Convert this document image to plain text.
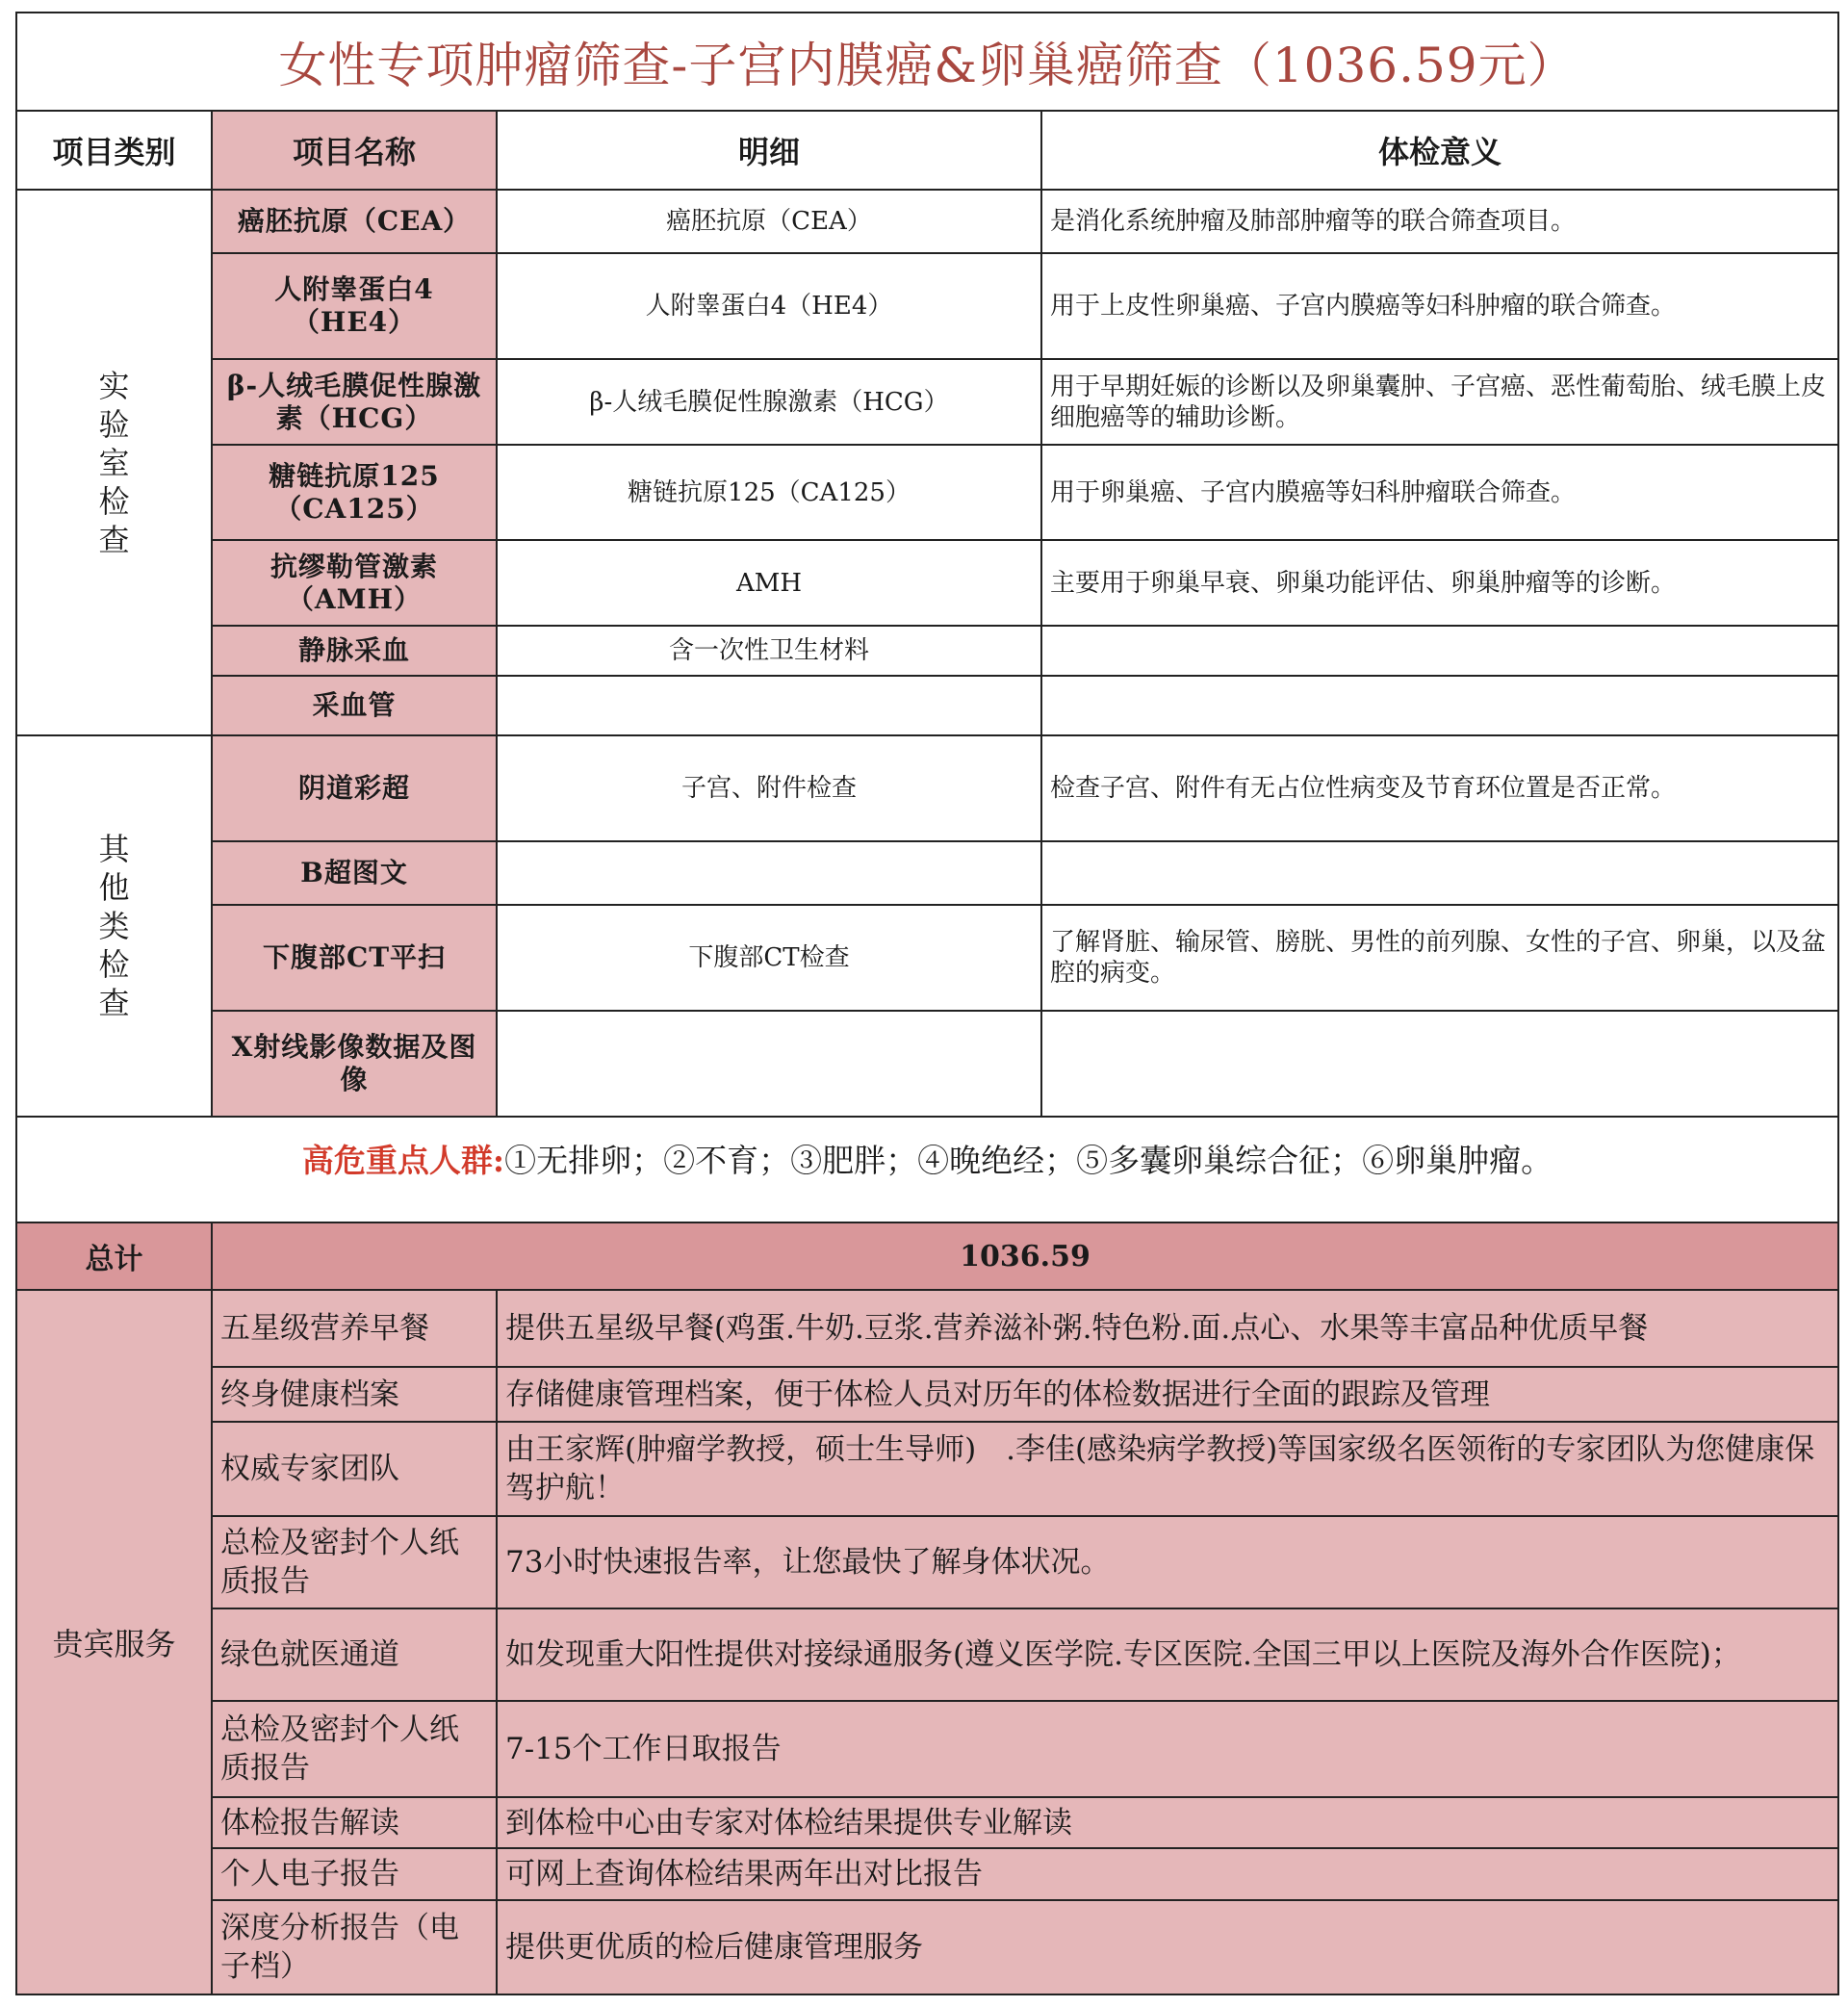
女性专项肿瘤筛查-子宫内膜癌&卵巢癌筛查（1036.59元）			
项目类别	项目名称	明细	体检意义
实验室检查	癌胚抗原（CEA）	癌胚抗原（CEA）	是消化系统肿瘤及肺部肿瘤等的联合筛查项目。
	人附睾蛋白4（HE4）	人附睾蛋白4（HE4）	用于上皮性卵巢癌、子宫内膜癌等妇科肿瘤的联合筛查。
	β-人绒毛膜促性腺激素（HCG）	β-人绒毛膜促性腺激素（HCG）	用于早期妊娠的诊断以及卵巢囊肿、子宫癌、恶性葡萄胎、绒毛膜上皮细胞癌等的辅助诊断。
	糖链抗原125（CA125）	糖链抗原125（CA125）	用于卵巢癌、子宫内膜癌等妇科肿瘤联合筛查。
	抗缪勒管激素（AMH）	AMH	主要用于卵巢早衰、卵巢功能评估、卵巢肿瘤等的诊断。
	静脉采血	含一次性卫生材料	
	采血管		
其他类检查	阴道彩超	子宫、附件检查	检查子宫、附件有无占位性病变及节育环位置是否正常。
	B超图文		
	下腹部CT平扫	下腹部CT检查	了解肾脏、输尿管、膀胱、男性的前列腺、女性的子宫、卵巢，以及盆腔的病变。
	X射线影像数据及图像		
高危重点人群:①无排卵；②不育；③肥胖；④晚绝经；⑤多囊卵巢综合征；⑥卵巢肿瘤。			
总计	1036.59		
贵宾服务	五星级营养早餐	提供五星级早餐(鸡蛋.牛奶.豆浆.营养滋补粥.特色粉.面.点心、水果等丰富品种优质早餐	
	终身健康档案	存储健康管理档案，便于体检人员对历年的体检数据进行全面的跟踪及管理	
	权威专家团队	由王家辉(肿瘤学教授，硕士生导师)　.李佳(感染病学教授)等国家级名医领衔的专家团队为您健康保驾护航！	
	总检及密封个人纸质报告	73小时快速报告率，让您最快了解身体状况。	
	绿色就医通道	如发现重大阳性提供对接绿通服务(遵义医学院.专区医院.全国三甲以上医院及海外合作医院)；	
	总检及密封个人纸质报告	7-15个工作日取报告	
	体检报告解读	到体检中心由专家对体检结果提供专业解读	
	个人电子报告	可网上查询体检结果两年出对比报告	
	深度分析报告（电子档）	提供更优质的检后健康管理服务	
